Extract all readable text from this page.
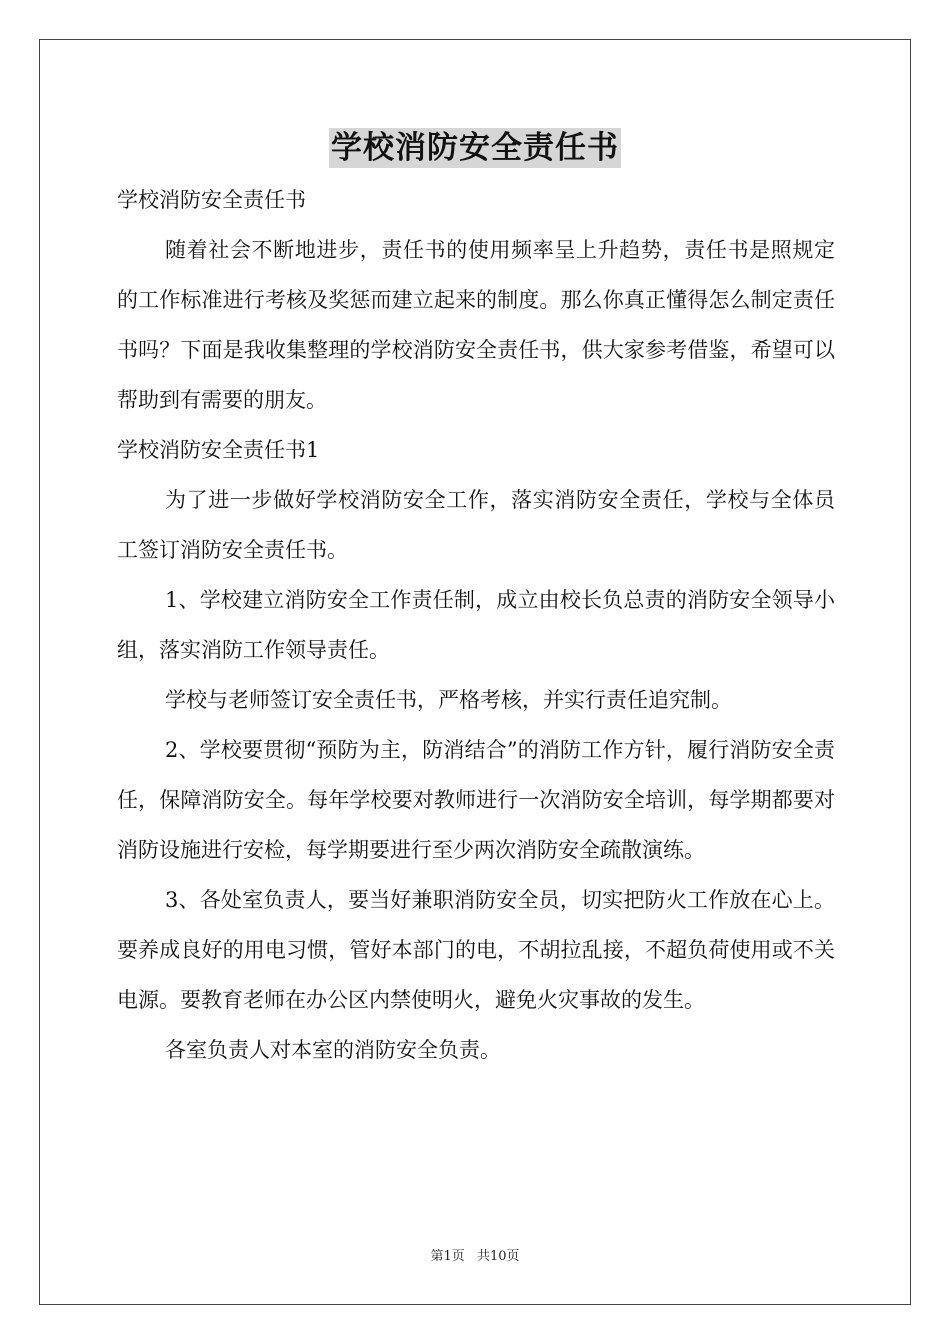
学校消防安全责任书

学校消防安全责任书

随着社会不断地进步，责任书的使用频率呈上升趋势，责任书是照规定的工作标准进行考核及奖惩而建立起来的制度。那么你真正懂得怎么制定责任书吗？下面是我收集整理的学校消防安全责任书，供大家参考借鉴，希望可以帮助到有需要的朋友。

学校消防安全责任书1

为了进一步做好学校消防安全工作，落实消防安全责任，学校与全体员工签订消防安全责任书。

1、学校建立消防安全工作责任制，成立由校长负总责的消防安全领导小组，落实消防工作领导责任。

学校与老师签订安全责任书，严格考核，并实行责任追究制。

2、学校要贯彻“预防为主，防消结合”的消防工作方针，履行消防安全责任，保障消防安全。每年学校要对教师进行一次消防安全培训，每学期都要对消防设施进行安检，每学期要进行至少两次消防安全疏散演练。

3、各处室负责人，要当好兼职消防安全员，切实把防火工作放在心上。要养成良好的用电习惯，管好本部门的电，不胡拉乱接，不超负荷使用或不关电源。要教育老师在办公区内禁使明火，避免火灾事故的发生。

各室负责人对本室的消防安全负责。

第1页 共10页
